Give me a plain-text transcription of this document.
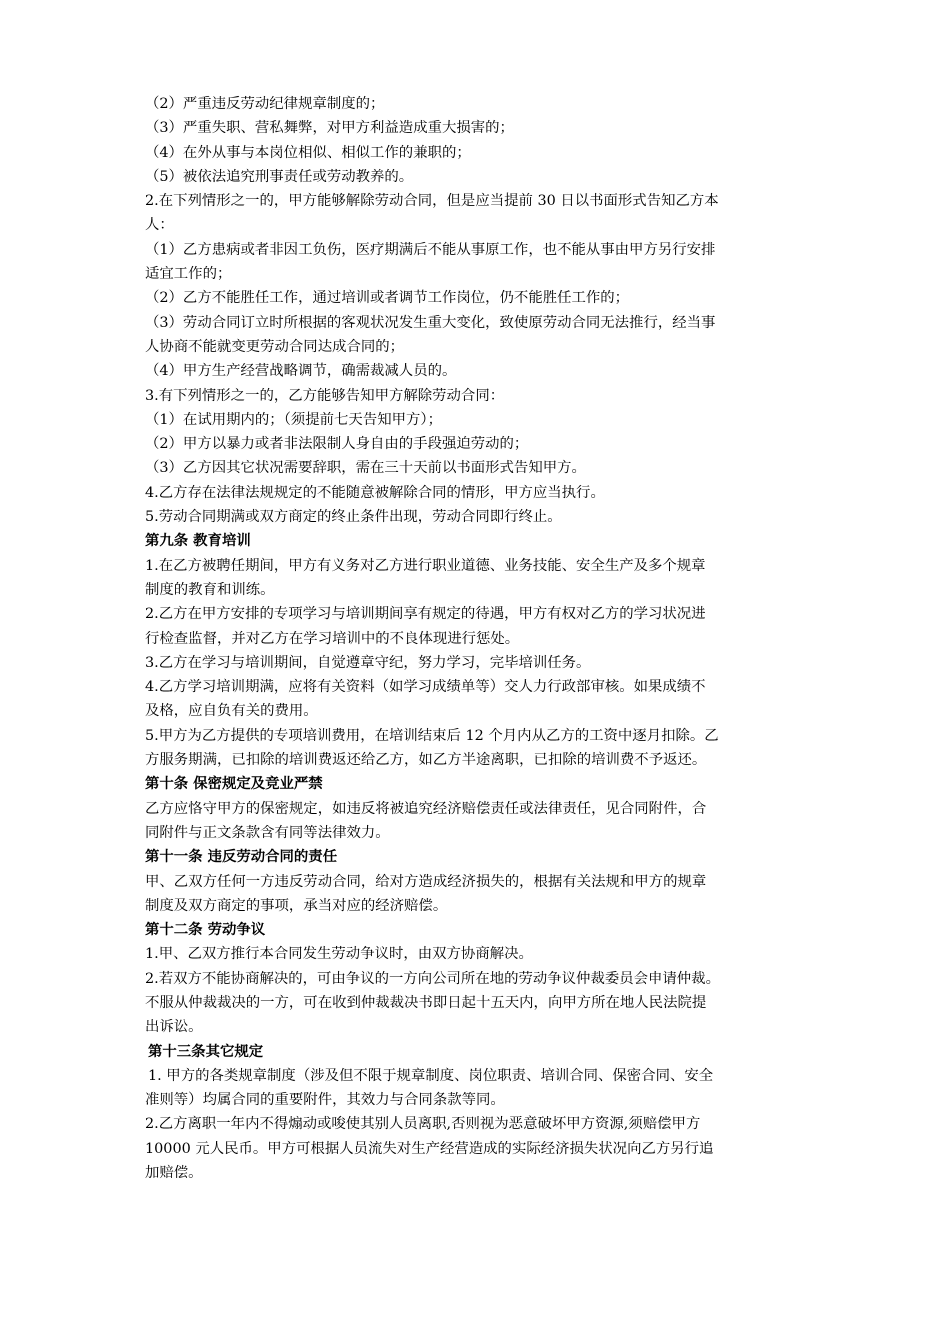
（2）严重违反劳动纪律规章制度的；
（3）严重失职、营私舞弊，对甲方利益造成重大损害的；
（4）在外从事与本岗位相似、相似工作的兼职的；
（5）被依法追究刑事责任或劳动教养的。
2.在下列情形之一的，甲方能够解除劳动合同，但是应当提前 30 日以书面形式告知乙方本
人：
（1）乙方患病或者非因工负伤，医疗期满后不能从事原工作，也不能从事由甲方另行安排
适宜工作的；
（2）乙方不能胜任工作，通过培训或者调节工作岗位，仍不能胜任工作的；
（3）劳动合同订立时所根据的客观状况发生重大变化，致使原劳动合同无法推行，经当事
人协商不能就变更劳动合同达成合同的；
（4）甲方生产经营战略调节，确需裁减人员的。
3.有下列情形之一的，乙方能够告知甲方解除劳动合同：
（1）在试用期内的；（须提前七天告知甲方）；
（2）甲方以暴力或者非法限制人身自由的手段强迫劳动的；
（3）乙方因其它状况需要辞职，需在三十天前以书面形式告知甲方。
4.乙方存在法律法规规定的不能随意被解除合同的情形，甲方应当执行。
5.劳动合同期满或双方商定的终止条件出现，劳动合同即行终止。
第九条 教育培训
1.在乙方被聘任期间，甲方有义务对乙方进行职业道德、业务技能、安全生产及多个规章
制度的教育和训练。
2.乙方在甲方安排的专项学习与培训期间享有规定的待遇，甲方有权对乙方的学习状况进
行检查监督，并对乙方在学习培训中的不良体现进行惩处。
3.乙方在学习与培训期间，自觉遵章守纪，努力学习，完毕培训任务。
4.乙方学习培训期满，应将有关资料（如学习成绩单等）交人力行政部审核。如果成绩不
及格，应自负有关的费用。
5.甲方为乙方提供的专项培训费用，在培训结束后 12 个月内从乙方的工资中逐月扣除。乙
方服务期满，已扣除的培训费返还给乙方，如乙方半途离职，已扣除的培训费不予返还。
第十条 保密规定及竞业严禁
乙方应恪守甲方的保密规定，如违反将被追究经济赔偿责任或法律责任，见合同附件，合
同附件与正文条款含有同等法律效力。
第十一条 违反劳动合同的责任
甲、乙双方任何一方违反劳动合同，给对方造成经济损失的，根据有关法规和甲方的规章
制度及双方商定的事项，承当对应的经济赔偿。
第十二条 劳动争议
1.甲、乙双方推行本合同发生劳动争议时，由双方协商解决。
2.若双方不能协商解决的，可由争议的一方向公司所在地的劳动争议仲裁委员会申请仲裁。
不服从仲裁裁决的一方，可在收到仲裁裁决书即日起十五天内，向甲方所在地人民法院提
出诉讼。
第十三条其它规定
1. 甲方的各类规章制度（涉及但不限于规章制度、岗位职责、培训合同、保密合同、安全
准则等）均属合同的重要附件，其效力与合同条款等同。
2.乙方离职一年内不得煽动或唆使其别人员离职,否则视为恶意破坏甲方资源,须赔偿甲方
10000 元人民币。甲方可根据人员流失对生产经营造成的实际经济损失状况向乙方另行追
加赔偿。
